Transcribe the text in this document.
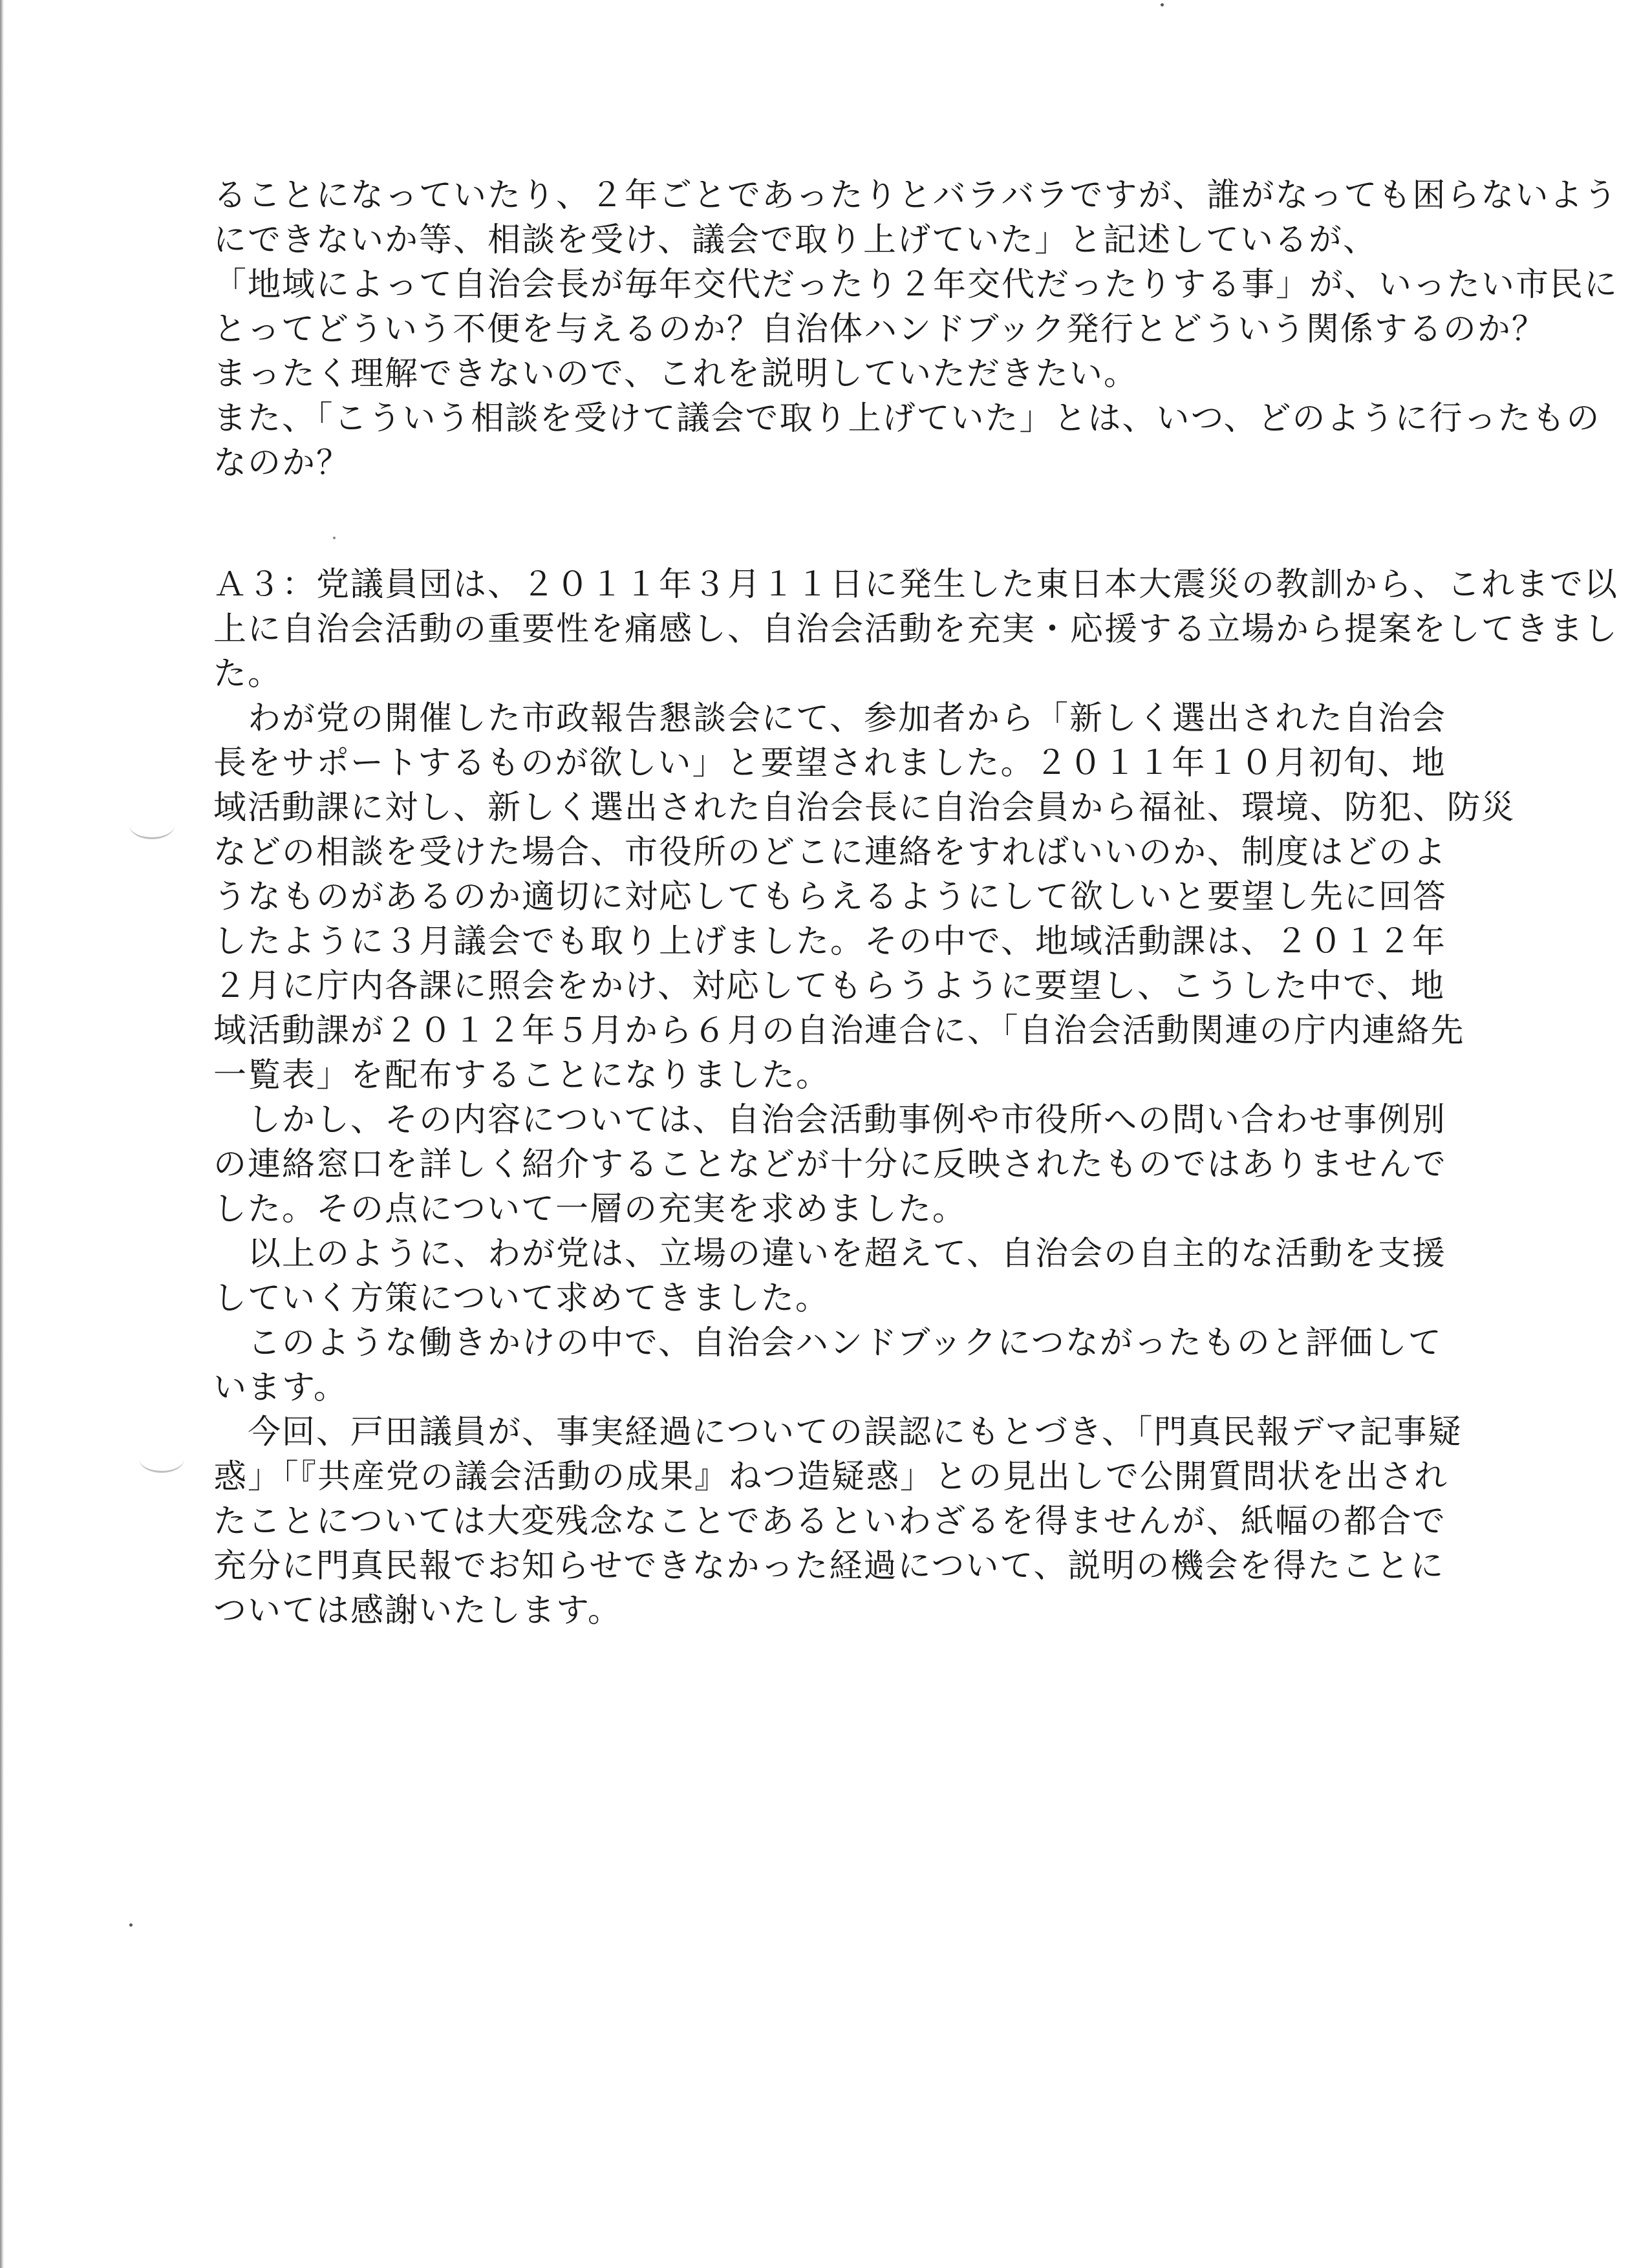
ることになっていたり、２年ごとであったりとバラバラですが、誰がなっても困らないよう
にできないか等、相談を受け、議会で取り上げていた」と記述しているが、
「地域によって自治会長が毎年交代だったり２年交代だったりする事」が、いったい市民に
とってどういう不便を与えるのか？自治体ハンドブック発行とどういう関係するのか？
まったく理解できないので、これを説明していただきたい。
また、「こういう相談を受けて議会で取り上げていた」とは、いつ、どのように行ったもの
なのか？
Ａ３：党議員団は、２０１１年３月１１日に発生した東日本大震災の教訓から、これまで以
上に自治会活動の重要性を痛感し、自治会活動を充実・応援する立場から提案をしてきまし
た。
　わが党の開催した市政報告懇談会にて、参加者から「新しく選出された自治会
長をサポートするものが欲しい」と要望されました。２０１１年１０月初旬、地
域活動課に対し、新しく選出された自治会長に自治会員から福祉、環境、防犯、防災
などの相談を受けた場合、市役所のどこに連絡をすればいいのか、制度はどのよ
うなものがあるのか適切に対応してもらえるようにして欲しいと要望し先に回答
したように３月議会でも取り上げました。その中で、地域活動課は、２０１２年
２月に庁内各課に照会をかけ、対応してもらうように要望し、こうした中で、地
域活動課が２０１２年５月から６月の自治連合に、「自治会活動関連の庁内連絡先
一覧表」を配布することになりました。
　しかし、その内容については、自治会活動事例や市役所への問い合わせ事例別
の連絡窓口を詳しく紹介することなどが十分に反映されたものではありませんで
した。その点について一層の充実を求めました。
　以上のように、わが党は、立場の違いを超えて、自治会の自主的な活動を支援
していく方策について求めてきました。
　このような働きかけの中で、自治会ハンドブックにつながったものと評価して
います。
　今回、戸田議員が、事実経過についての誤認にもとづき、「門真民報デマ記事疑
惑」「『共産党の議会活動の成果』ねつ造疑惑」との見出しで公開質問状を出され
たことについては大変残念なことであるといわざるを得ませんが、紙幅の都合で
充分に門真民報でお知らせできなかった経過について、説明の機会を得たことに
ついては感謝いたします。
